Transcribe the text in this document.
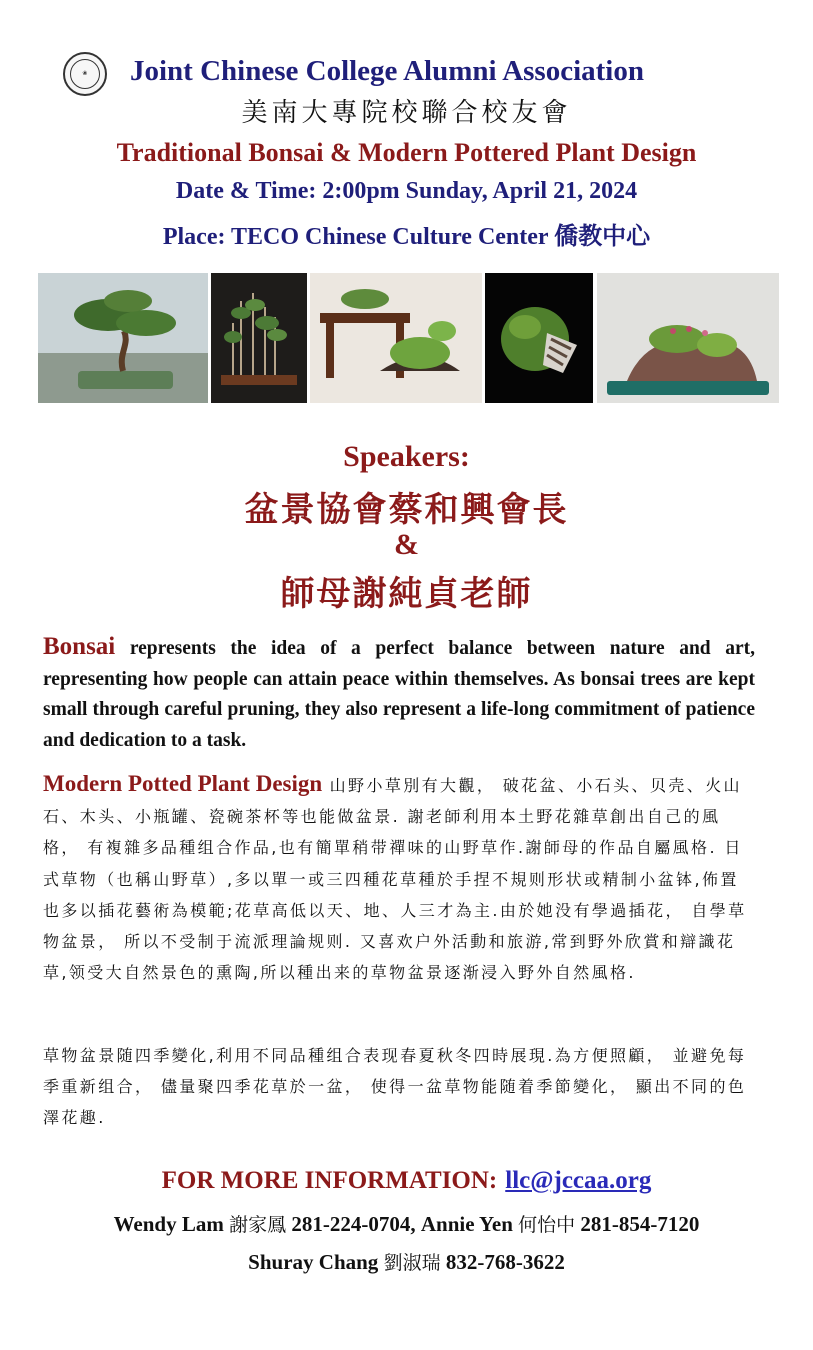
❀	Joint Chinese College Alumni Association
美南大專院校聯合校友會
Traditional Bonsai & Modern Pottered Plant Design
Date & Time: 2:00pm Sunday, April 21, 2024
Place: TECO Chinese Culture Center 僑教中心
Speakers:
盆景協會蔡和興會長
&
師母謝純貞老師
Bonsai represents the idea of a perfect balance between nature and art, representing how people can attain peace within themselves. As bonsai trees are kept small through careful pruning, they also represent a life-long commitment of patience and dedication to a task.
Modern Potted Plant Design 山野小草別有大觀， 破花盆、小石头、贝壳、火山石、木头、小瓶罐、瓷碗茶杯等也能做盆景. 謝老師利用本土野花雜草創出自己的風格， 有複雜多品種组合作品,也有簡單稍带禪味的山野草作.謝師母的作品自屬風格. 日式草物（也稱山野草）,多以單一或三四種花草種於手捏不規则形状或精制小盆钵,佈置也多以插花藝術為模範;花草高低以天、地、人三才為主.由於她没有學過插花， 自學草物盆景， 所以不受制于流派理論规则. 又喜欢户外活動和旅游,常到野外欣賞和辯識花草,领受大自然景色的熏陶,所以種出来的草物盆景逐渐浸入野外自然風格.
草物盆景随四季變化,利用不同品種组合表现春夏秋冬四時展現.為方便照顧， 並避免每季重新组合， 儘量聚四季花草於一盆， 使得一盆草物能随着季節變化， 顯出不同的色澤花趣.
FOR MORE INFORMATION: llc@jccaa.org
Wendy Lam 謝家鳳 281-224-0704, Annie Yen 何怡中 281-854-7120
Shuray Chang 劉淑瑞 832-768-3622
